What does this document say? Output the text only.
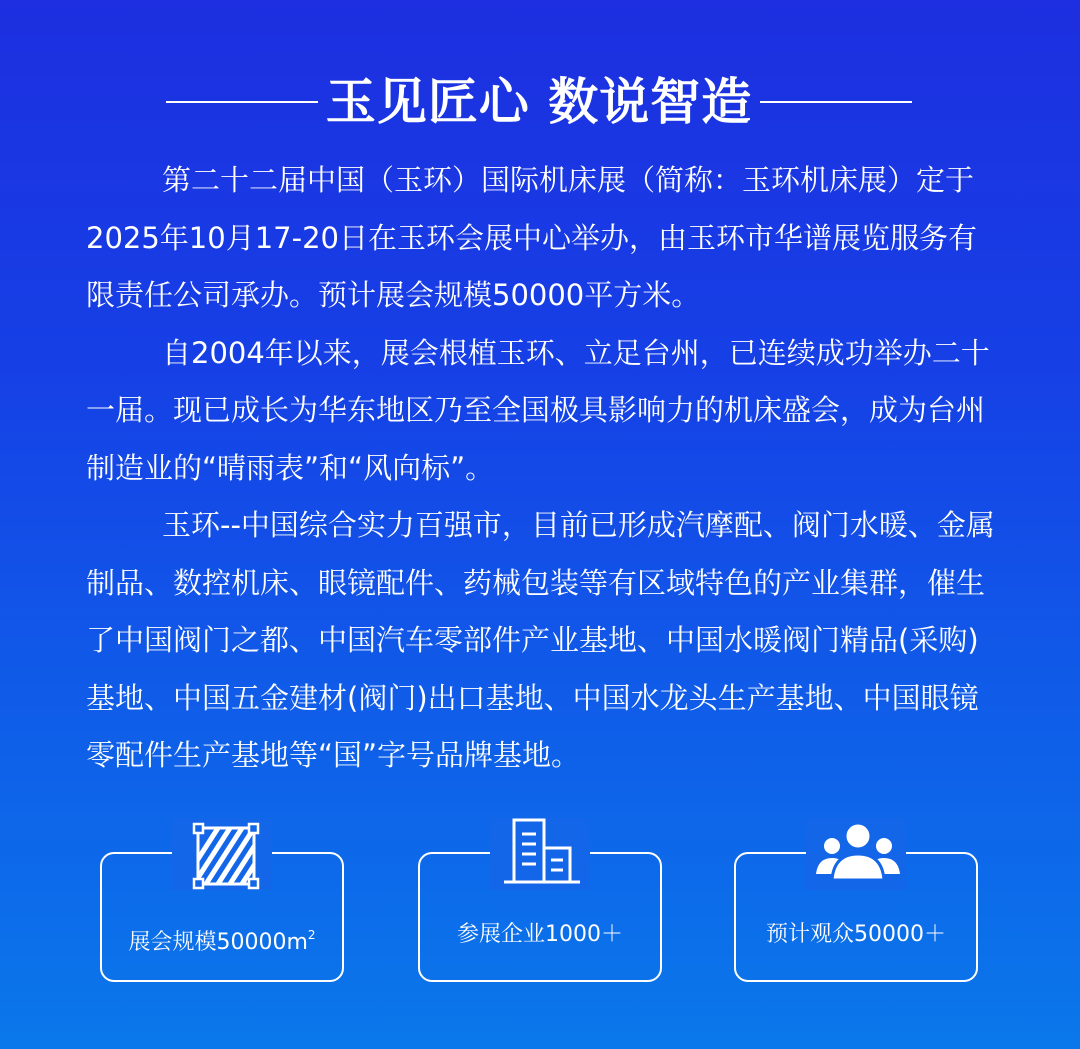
玉见匠心 数说智造

第二十二届中国（玉环）国际机床展（简称：玉环机床展）定于2025年10月17-20日在玉环会展中心举办，由玉环市华谱展览服务有限责任公司承办。预计展会规模50000平方米。

自2004年以来，展会根植玉环、立足台州，已连续成功举办二十一届。现已成长为华东地区乃至全国极具影响力的机床盛会，成为台州制造业的“晴雨表”和“风向标”。

玉环--中国综合实力百强市，目前已形成汽摩配、阀门水暖、金属制品、数控机床、眼镜配件、药械包装等有区域特色的产业集群，催生了中国阀门之都、中国汽车零部件产业基地、中国水暖阀门精品(采购)基地、中国五金建材(阀门)出口基地、中国水龙头生产基地、中国眼镜零配件生产基地等“国”字号品牌基地。

展会规模$50000m^2$	参展企业1000＋	预计观众50000＋
